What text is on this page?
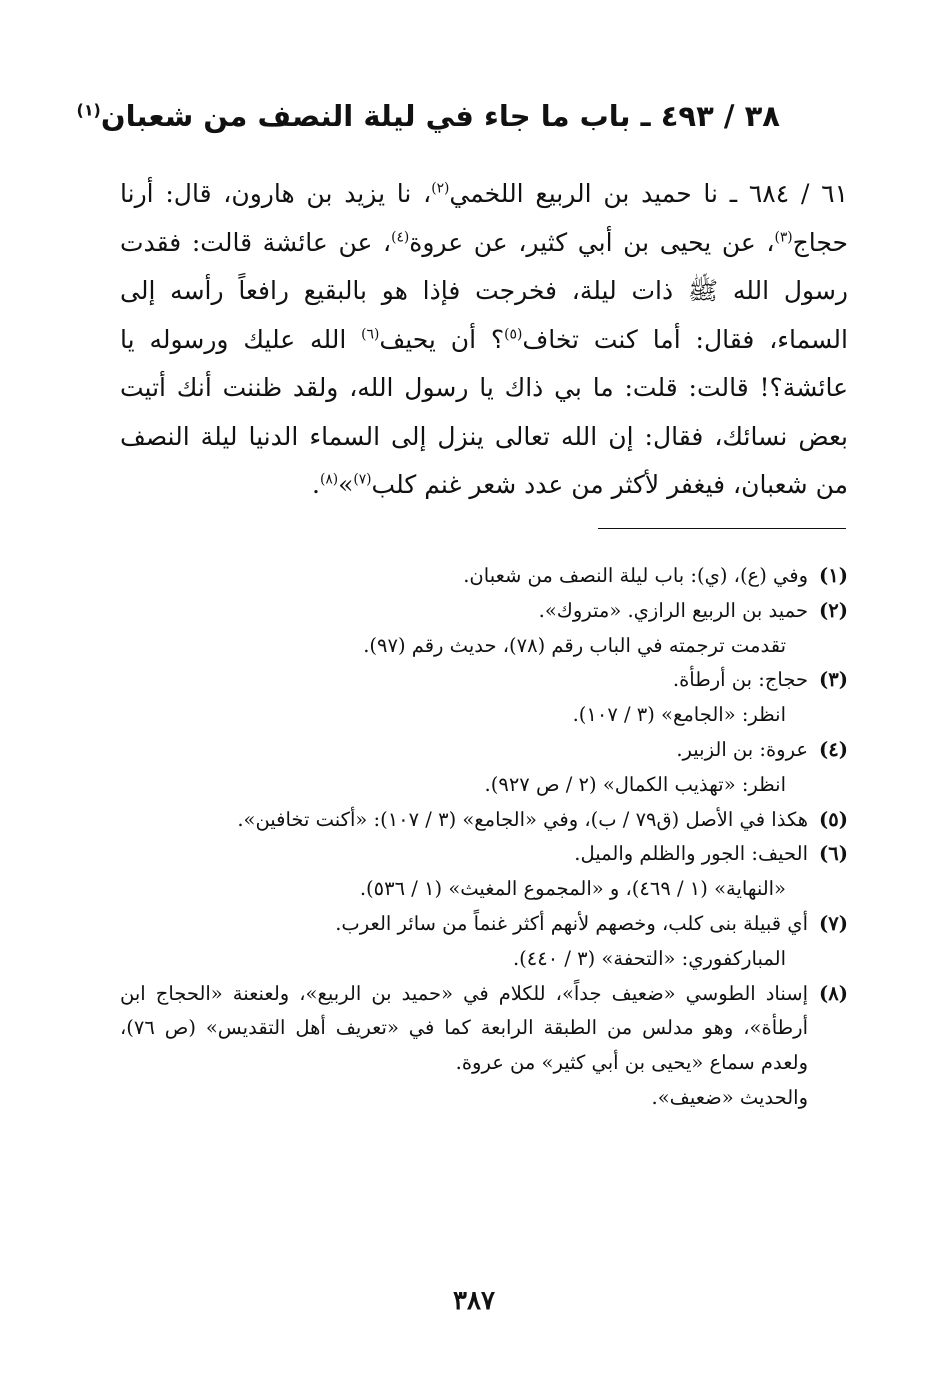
٣٨ / ٤٩٣ ـ باب ما جاء في ليلة النصف من شعبان$^{(١)}$

٦١ / ٦٨٤ ـ نا حميد بن الربيع اللخمي$^{(٢)}$، نا يزيد بن هارون، قال: أرنا حجاج$^{(٣)}$، عن يحيى بن أبي كثير، عن عروة$^{(٤)}$، عن عائشة قالت: فقدت رسول الله ﷺ ذات ليلة، فخرجت فإذا هو بالبقيع رافعاً رأسه إلى السماء، فقال: أما كنت تخاف$^{(٥)}$؟ أن يحيف$^{(٦)}$ الله عليك ورسوله يا عائشة؟! قالت: قلت: ما بي ذاك يا رسول الله، ولقد ظننت أنك أتيت بعض نسائك، فقال: إن الله تعالى ينزل إلى السماء الدنيا ليلة النصف من شعبان، فيغفر لأكثر من عدد شعر غنم كلب$^{(٧)}$»$^{(٨)}$.

(١)
وفي (ع)، (ي): باب ليلة النصف من شعبان.
(٢)
حميد بن الربيع الرازي. «متروك».

تقدمت ترجمته في الباب رقم (٧٨)، حديث رقم (٩٧).

(٣)
حجاج: بن أرطأة.

انظر: «الجامع» (٣ / ١٠٧).

(٤)
عروة: بن الزبير.

انظر: «تهذيب الكمال» (٢ / ص ٩٢٧).

(٥)
هكذا في الأصل (ق٧٩ / ب)، وفي «الجامع» (٣ / ١٠٧): «أكنت تخافين».
(٦)
الحيف: الجور والظلم والميل.

«النهاية» (١ / ٤٦٩)، و «المجموع المغيث» (١ / ٥٣٦).

(٧)
أي قبيلة بنى كلب، وخصهم لأنهم أكثر غنماً من سائر العرب.

المباركفوري: «التحفة» (٣ / ٤٤٠).

(٨)
إسناد الطوسي «ضعيف جداً»، للكلام في «حميد بن الربيع»، ولعنعنة «الحجاج ابن أرطأة»، وهو مدلس من الطبقة الرابعة كما في «تعريف أهل التقديس» (ص ٧٦)، ولعدم سماع «يحيى بن أبي كثير» من عروة.

والحديث «ضعيف».

٣٨٧
